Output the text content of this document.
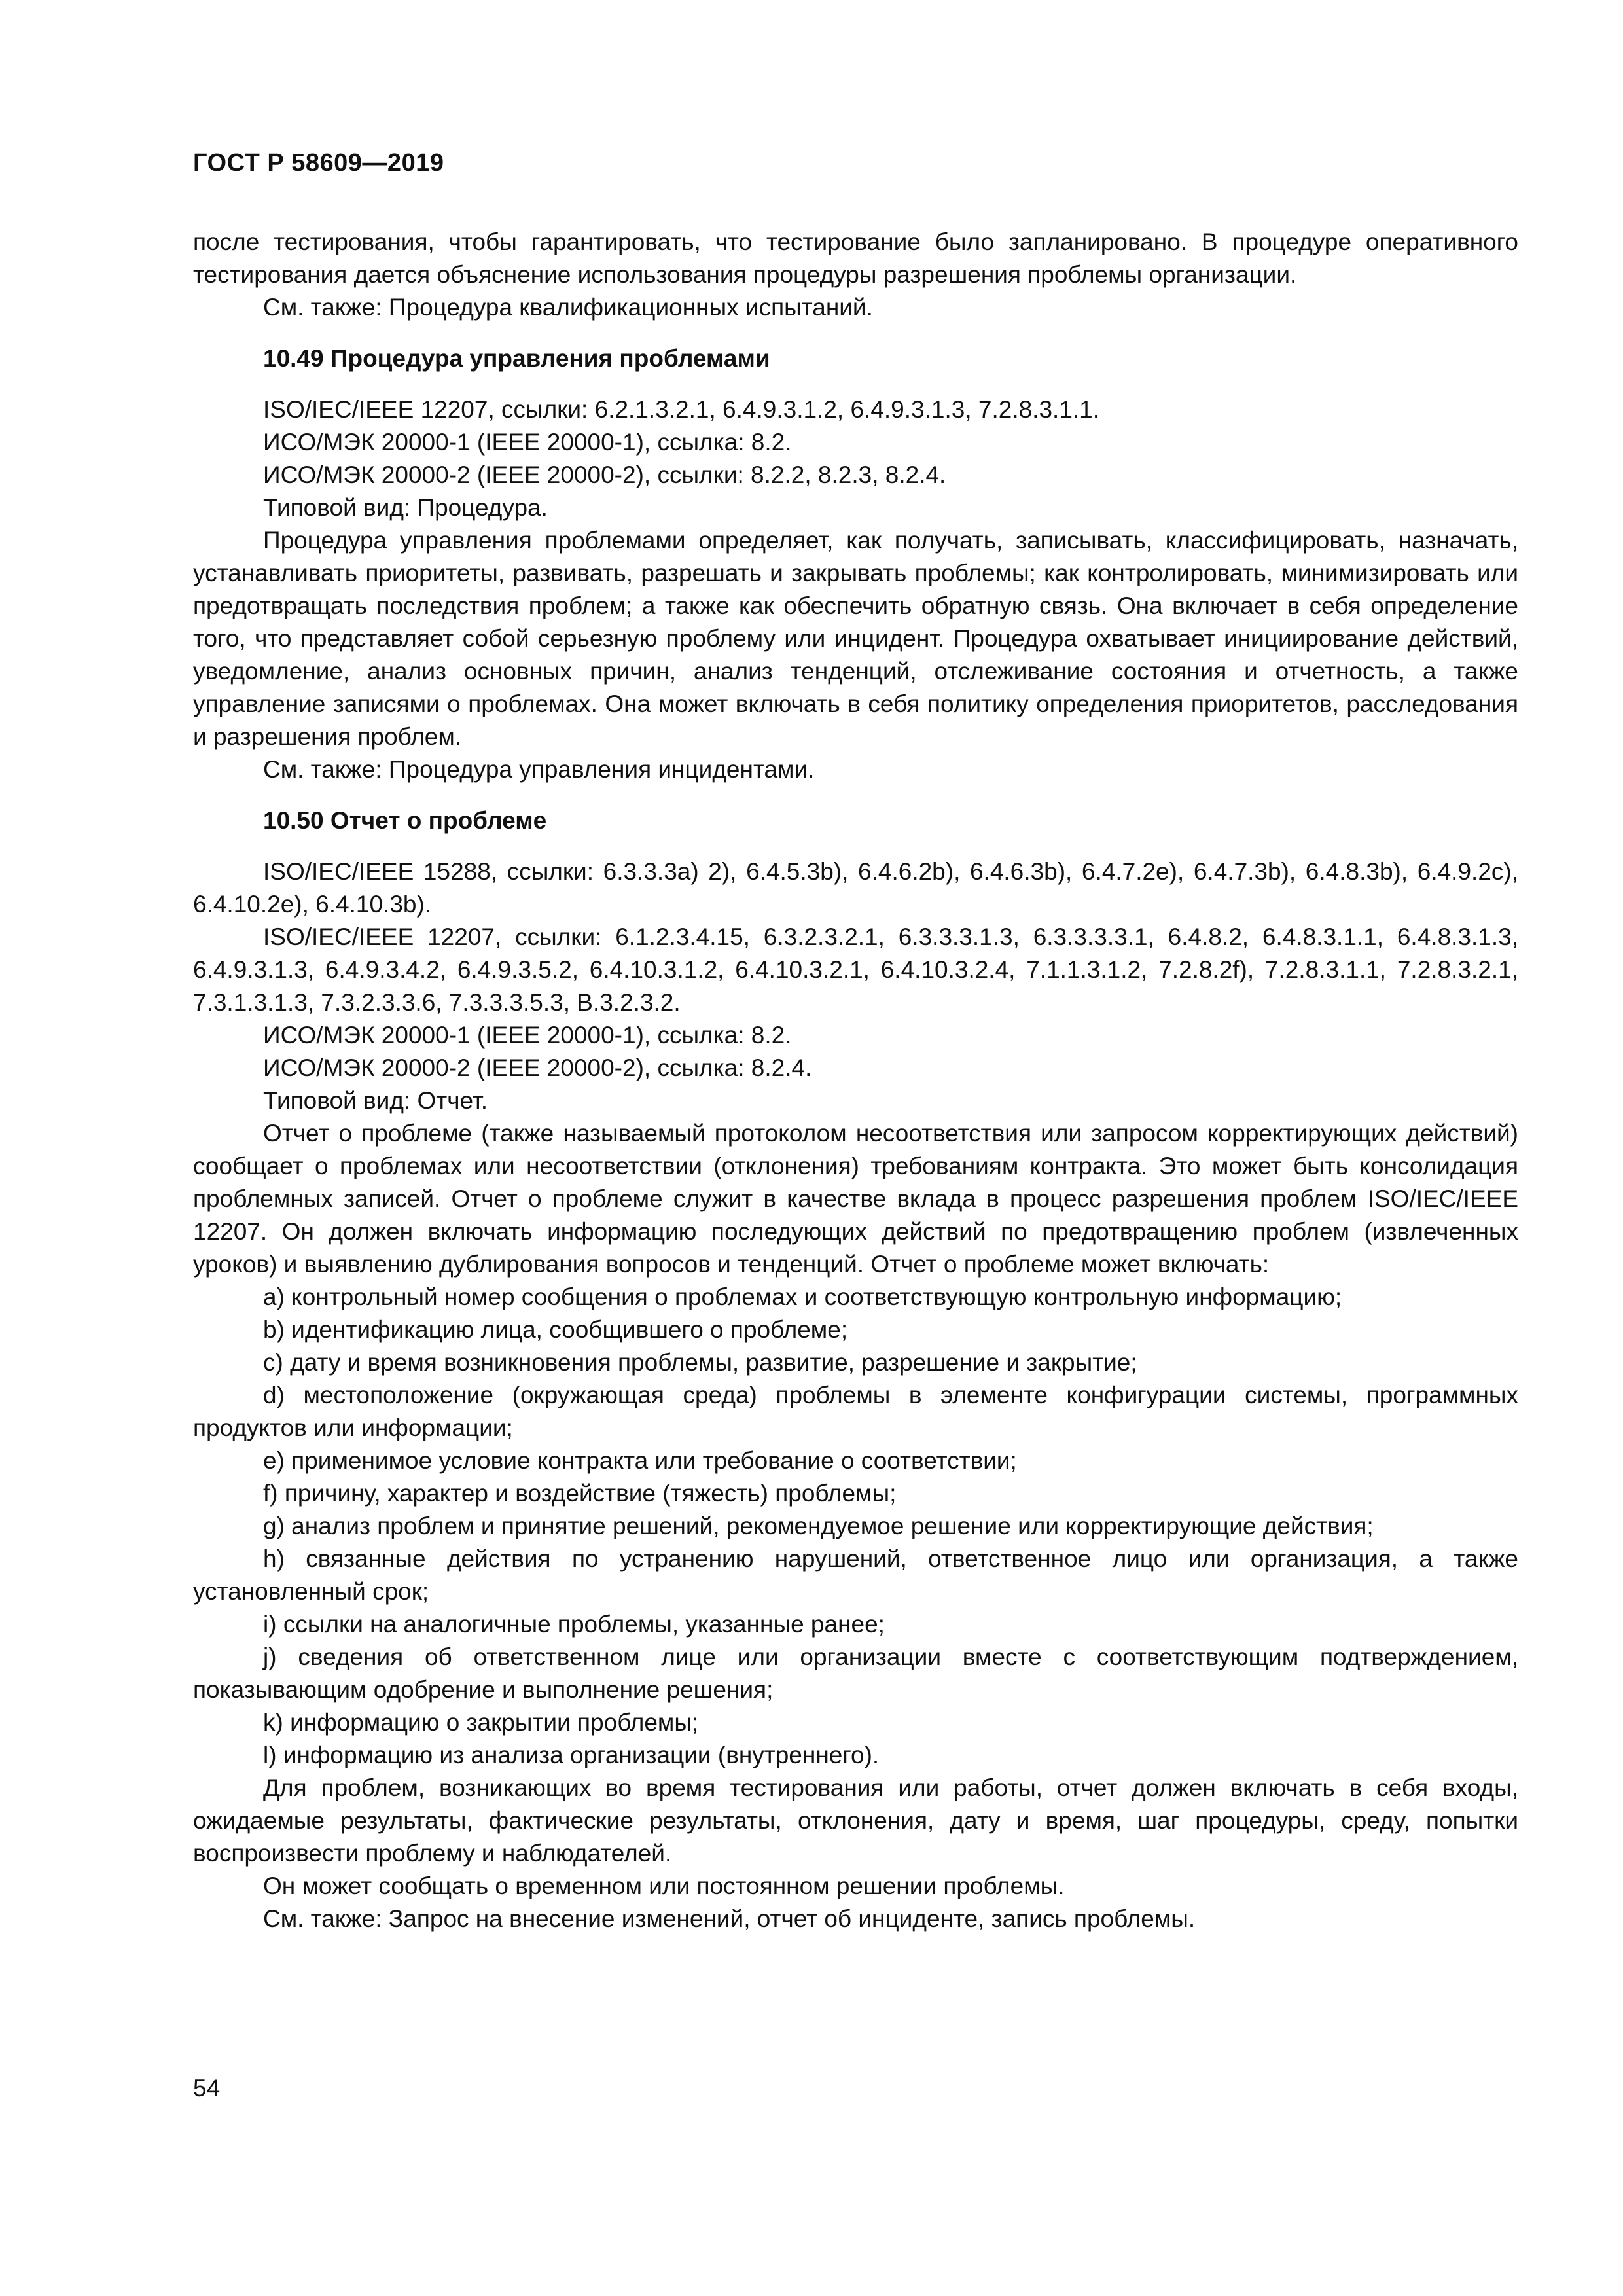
ГОСТ Р 58609—2019

после тестирования, чтобы гарантировать, что тестирование было запланировано. В процедуре оперативного тестирования дается объяснение использования процедуры разрешения проблемы организации.

См. также: Процедура квалификационных испытаний.

10.49 Процедура управления проблемами

ISO/IEC/IEEE 12207, ссылки: 6.2.1.3.2.1, 6.4.9.3.1.2, 6.4.9.3.1.3, 7.2.8.3.1.1.

ИСО/МЭК 20000-1 (IEEE 20000-1), ссылка: 8.2.

ИСО/МЭК 20000-2 (IEEE 20000-2), ссылки: 8.2.2, 8.2.3, 8.2.4.

Типовой вид: Процедура.

Процедура управления проблемами определяет, как получать, записывать, классифицировать, назначать, устанавливать приоритеты, развивать, разрешать и закрывать проблемы; как контролировать, минимизировать или предотвращать последствия проблем; а также как обеспечить обратную связь. Она включает в себя определение того, что представляет собой серьезную проблему или инцидент. Процедура охватывает инициирование действий, уведомление, анализ основных причин, анализ тенденций, отслеживание состояния и отчетность, а также управление записями о проблемах. Она может включать в себя политику определения приоритетов, расследования и разрешения проблем.

См. также: Процедура управления инцидентами.

10.50 Отчет о проблеме

ISO/IEC/IEEE 15288, ссылки: 6.3.3.3a) 2), 6.4.5.3b), 6.4.6.2b), 6.4.6.3b), 6.4.7.2e), 6.4.7.3b), 6.4.8.3b), 6.4.9.2c), 6.4.10.2e), 6.4.10.3b).

ISO/IEC/IEEE 12207, ссылки: 6.1.2.3.4.15, 6.3.2.3.2.1, 6.3.3.3.1.3, 6.3.3.3.3.1, 6.4.8.2, 6.4.8.3.1.1, 6.4.8.3.1.3, 6.4.9.3.1.3, 6.4.9.3.4.2, 6.4.9.3.5.2, 6.4.10.3.1.2, 6.4.10.3.2.1, 6.4.10.3.2.4, 7.1.1.3.1.2, 7.2.8.2f), 7.2.8.3.1.1, 7.2.8.3.2.1, 7.3.1.3.1.3, 7.3.2.3.3.6, 7.3.3.3.5.3, B.3.2.3.2.

ИСО/МЭК 20000-1 (IEEE 20000-1), ссылка: 8.2.

ИСО/МЭК 20000-2 (IEEE 20000-2), ссылка: 8.2.4.

Типовой вид: Отчет.

Отчет о проблеме (также называемый протоколом несоответствия или запросом корректирующих действий) сообщает о проблемах или несоответствии (отклонения) требованиям контракта. Это может быть консолидация проблемных записей. Отчет о проблеме служит в качестве вклада в процесс разрешения проблем ISO/IEC/IEEE 12207. Он должен включать информацию последующих действий по предотвращению проблем (извлеченных уроков) и выявлению дублирования вопросов и тенденций. Отчет о проблеме может включать:

a) контрольный номер сообщения о проблемах и соответствующую контрольную информацию;

b) идентификацию лица, сообщившего о проблеме;

c) дату и время возникновения проблемы, развитие, разрешение и закрытие;

d) местоположение (окружающая среда) проблемы в элементе конфигурации системы, программных продуктов или информации;

e) применимое условие контракта или требование о соответствии;

f) причину, характер и воздействие (тяжесть) проблемы;

g) анализ проблем и принятие решений, рекомендуемое решение или корректирующие действия;

h) связанные действия по устранению нарушений, ответственное лицо или организация, а также установленный срок;

i) ссылки на аналогичные проблемы, указанные ранее;

j) сведения об ответственном лице или организации вместе с соответствующим подтверждением, показывающим одобрение и выполнение решения;

k) информацию о закрытии проблемы;

l) информацию из анализа организации (внутреннего).

Для проблем, возникающих во время тестирования или работы, отчет должен включать в себя входы, ожидаемые результаты, фактические результаты, отклонения, дату и время, шаг процедуры, среду, попытки воспроизвести проблему и наблюдателей.

Он может сообщать о временном или постоянном решении проблемы.

См. также: Запрос на внесение изменений, отчет об инциденте, запись проблемы.

54
